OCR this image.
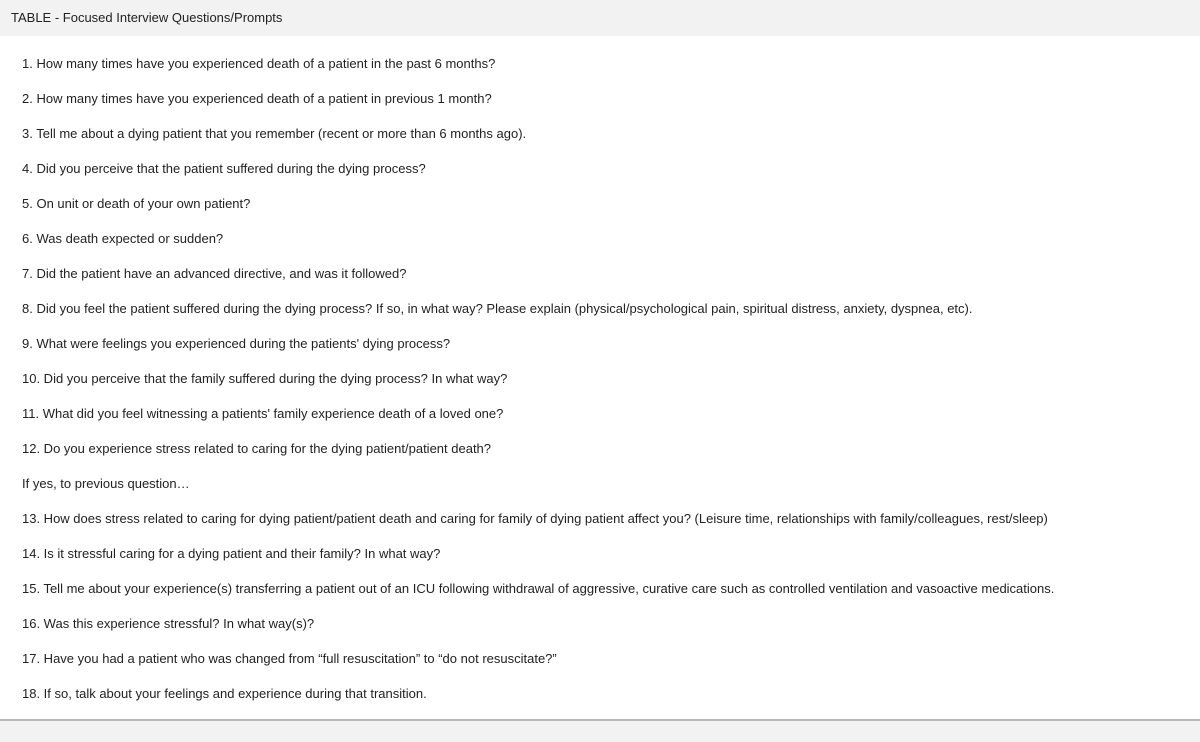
TABLE - Focused Interview Questions/Prompts
1. How many times have you experienced death of a patient in the past 6 months?
2. How many times have you experienced death of a patient in previous 1 month?
3. Tell me about a dying patient that you remember (recent or more than 6 months ago).
4. Did you perceive that the patient suffered during the dying process?
5. On unit or death of your own patient?
6. Was death expected or sudden?
7. Did the patient have an advanced directive, and was it followed?
8. Did you feel the patient suffered during the dying process? If so, in what way? Please explain (physical/psychological pain, spiritual distress, anxiety, dyspnea, etc).
9. What were feelings you experienced during the patients' dying process?
10. Did you perceive that the family suffered during the dying process? In what way?
11. What did you feel witnessing a patients' family experience death of a loved one?
12. Do you experience stress related to caring for the dying patient/patient death?
If yes, to previous question…
13. How does stress related to caring for dying patient/patient death and caring for family of dying patient affect you? (Leisure time, relationships with family/colleagues, rest/sleep)
14. Is it stressful caring for a dying patient and their family? In what way?
15. Tell me about your experience(s) transferring a patient out of an ICU following withdrawal of aggressive, curative care such as controlled ventilation and vasoactive medications.
16. Was this experience stressful? In what way(s)?
17. Have you had a patient who was changed from “full resuscitation” to “do not resuscitate?”
18. If so, talk about your feelings and experience during that transition.
